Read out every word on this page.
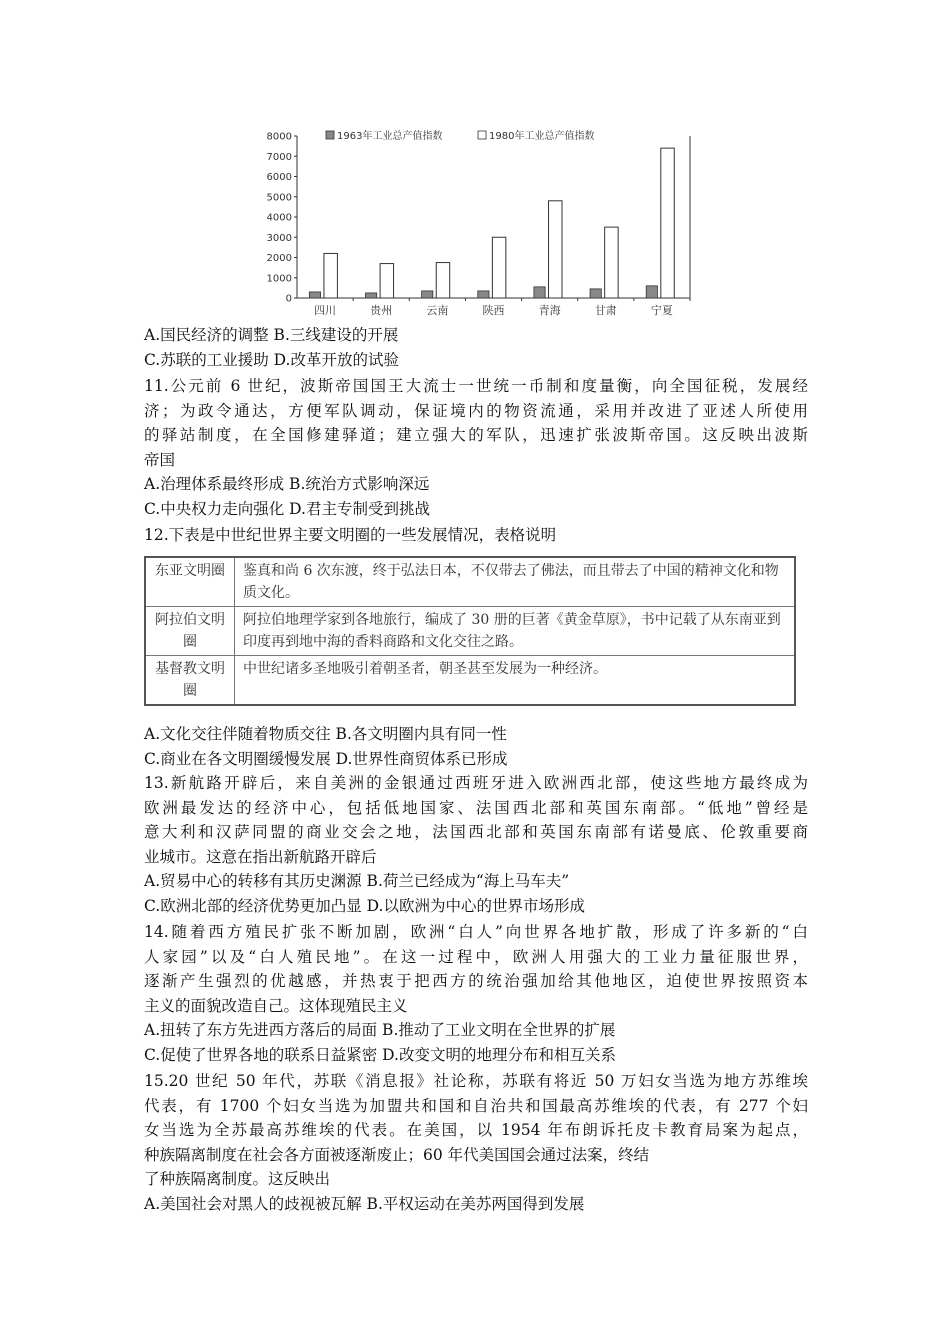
0
1000
2000
3000
4000
5000
6000
7000
8000
四川	贵州	云南	陕西	青海	甘肃	宁夏
1963年工业总产值指数	1980年工业总产值指数
A.国民经济的调整 B.三线建设的开展
C.苏联的工业援助 D.改革开放的试验
11.公元前 6 世纪，波斯帝国国王大流士一世统一币制和度量衡，向全国征税，发展经
济；为政令通达，方便军队调动，保证境内的物资流通，采用并改进了亚述人所使用
的驿站制度，在全国修建驿道；建立强大的军队，迅速扩张波斯帝国。这反映出波斯
帝国
A.治理体系最终形成 B.统治方式影响深远
C.中央权力走向强化 D.君主专制受到挑战
12.下表是中世纪世界主要文明圈的一些发展情况，表格说明
东亚文明圈	鉴真和尚 6 次东渡，终于弘法日本，不仅带去了佛法，而且带去了中国的精神文化和物质文化。
阿拉伯文明圈	阿拉伯地理学家到各地旅行，编成了 30 册的巨著《黄金草原》，书中记载了从东南亚到印度再到地中海的香料商路和文化交往之路。
基督教文明圈	中世纪诸多圣地吸引着朝圣者，朝圣甚至发展为一种经济。
A.文化交往伴随着物质交往 B.各文明圈内具有同一性
C.商业在各文明圈缓慢发展 D.世界性商贸体系已形成
13.新航路开辟后，来自美洲的金银通过西班牙进入欧洲西北部，使这些地方最终成为
欧洲最发达的经济中心，包括低地国家、法国西北部和英国东南部。“低地”曾经是
意大利和汉萨同盟的商业交会之地，法国西北部和英国东南部有诺曼底、伦敦重要商
业城市。这意在指出新航路开辟后
A.贸易中心的转移有其历史渊源 B.荷兰已经成为“海上马车夫”
C.欧洲北部的经济优势更加凸显 D.以欧洲为中心的世界市场形成
14.随着西方殖民扩张不断加剧，欧洲“白人”向世界各地扩散，形成了许多新的“白
人家园”以及“白人殖民地”。在这一过程中，欧洲人用强大的工业力量征服世界，
逐渐产生强烈的优越感，并热衷于把西方的统治强加给其他地区，迫使世界按照资本
主义的面貌改造自己。这体现殖民主义
A.扭转了东方先进西方落后的局面 B.推动了工业文明在全世界的扩展
C.促使了世界各地的联系日益紧密 D.改变文明的地理分布和相互关系
15.20 世纪 50 年代，苏联《消息报》社论称，苏联有将近 50 万妇女当选为地方苏维埃
代表，有 1700 个妇女当选为加盟共和国和自治共和国最高苏维埃的代表，有 277 个妇
女当选为全苏最高苏维埃的代表。在美国，以 1954 年布朗诉托皮卡教育局案为起点，
种族隔离制度在社会各方面被逐渐废止；60 年代美国国会通过法案，终结
了种族隔离制度。这反映出
A.美国社会对黑人的歧视被瓦解 B.平权运动在美苏两国得到发展
